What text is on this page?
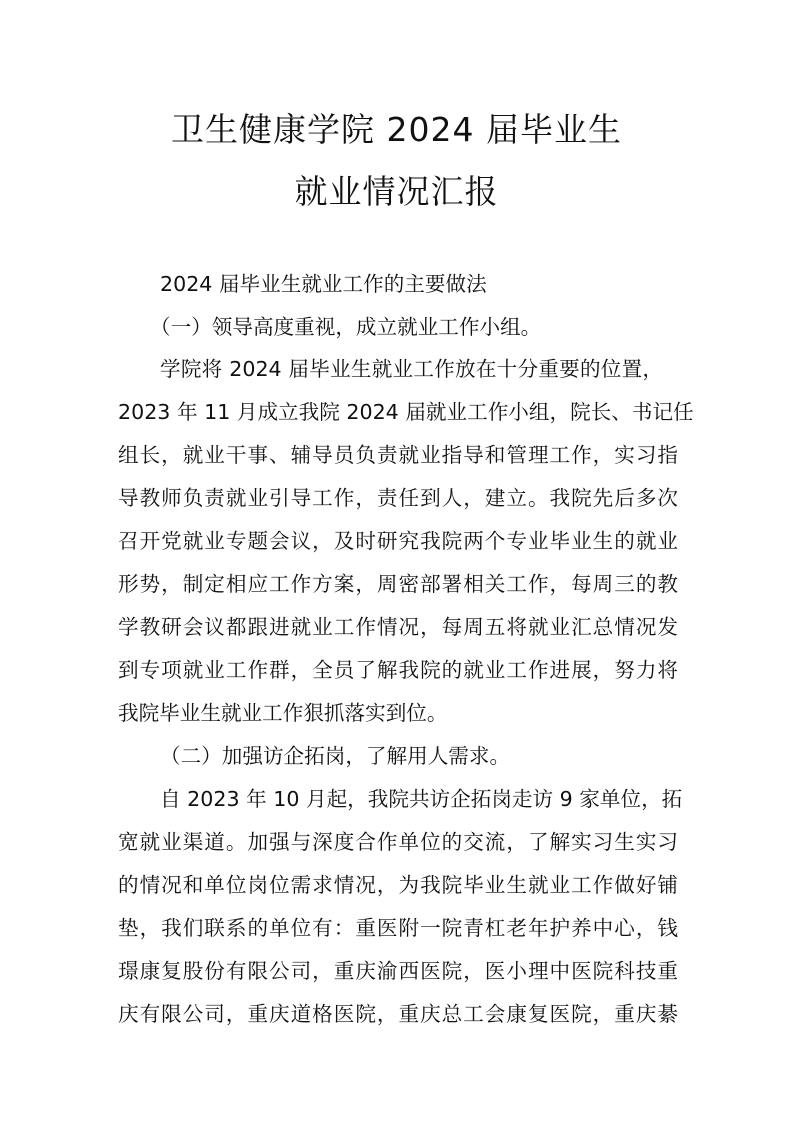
卫生健康学院 2024 届毕业生
就业情况汇报

2024 届毕业生就业工作的主要做法

（一）领导高度重视，成立就业工作小组。

学院将 2024 届毕业生就业工作放在十分重要的位置，

2023 年 11 月成立我院 2024 届就业工作小组，院长、书记任

组长，就业干事、辅导员负责就业指导和管理工作，实习指

导教师负责就业引导工作，责任到人，建立。我院先后多次

召开党就业专题会议，及时研究我院两个专业毕业生的就业

形势，制定相应工作方案，周密部署相关工作，每周三的教

学教研会议都跟进就业工作情况，每周五将就业汇总情况发

到专项就业工作群，全员了解我院的就业工作进展，努力将

我院毕业生就业工作狠抓落实到位。

（二）加强访企拓岗，了解用人需求。

自 2023 年 10 月起，我院共访企拓岗走访 9 家单位，拓

宽就业渠道。加强与深度合作单位的交流，了解实习生实习

的情况和单位岗位需求情况，为我院毕业生就业工作做好铺

垫，我们联系的单位有：重医附一院青杠老年护养中心，钱

璟康复股份有限公司，重庆渝西医院，医小理中医院科技重

庆有限公司，重庆道格医院，重庆总工会康复医院，重庆綦
